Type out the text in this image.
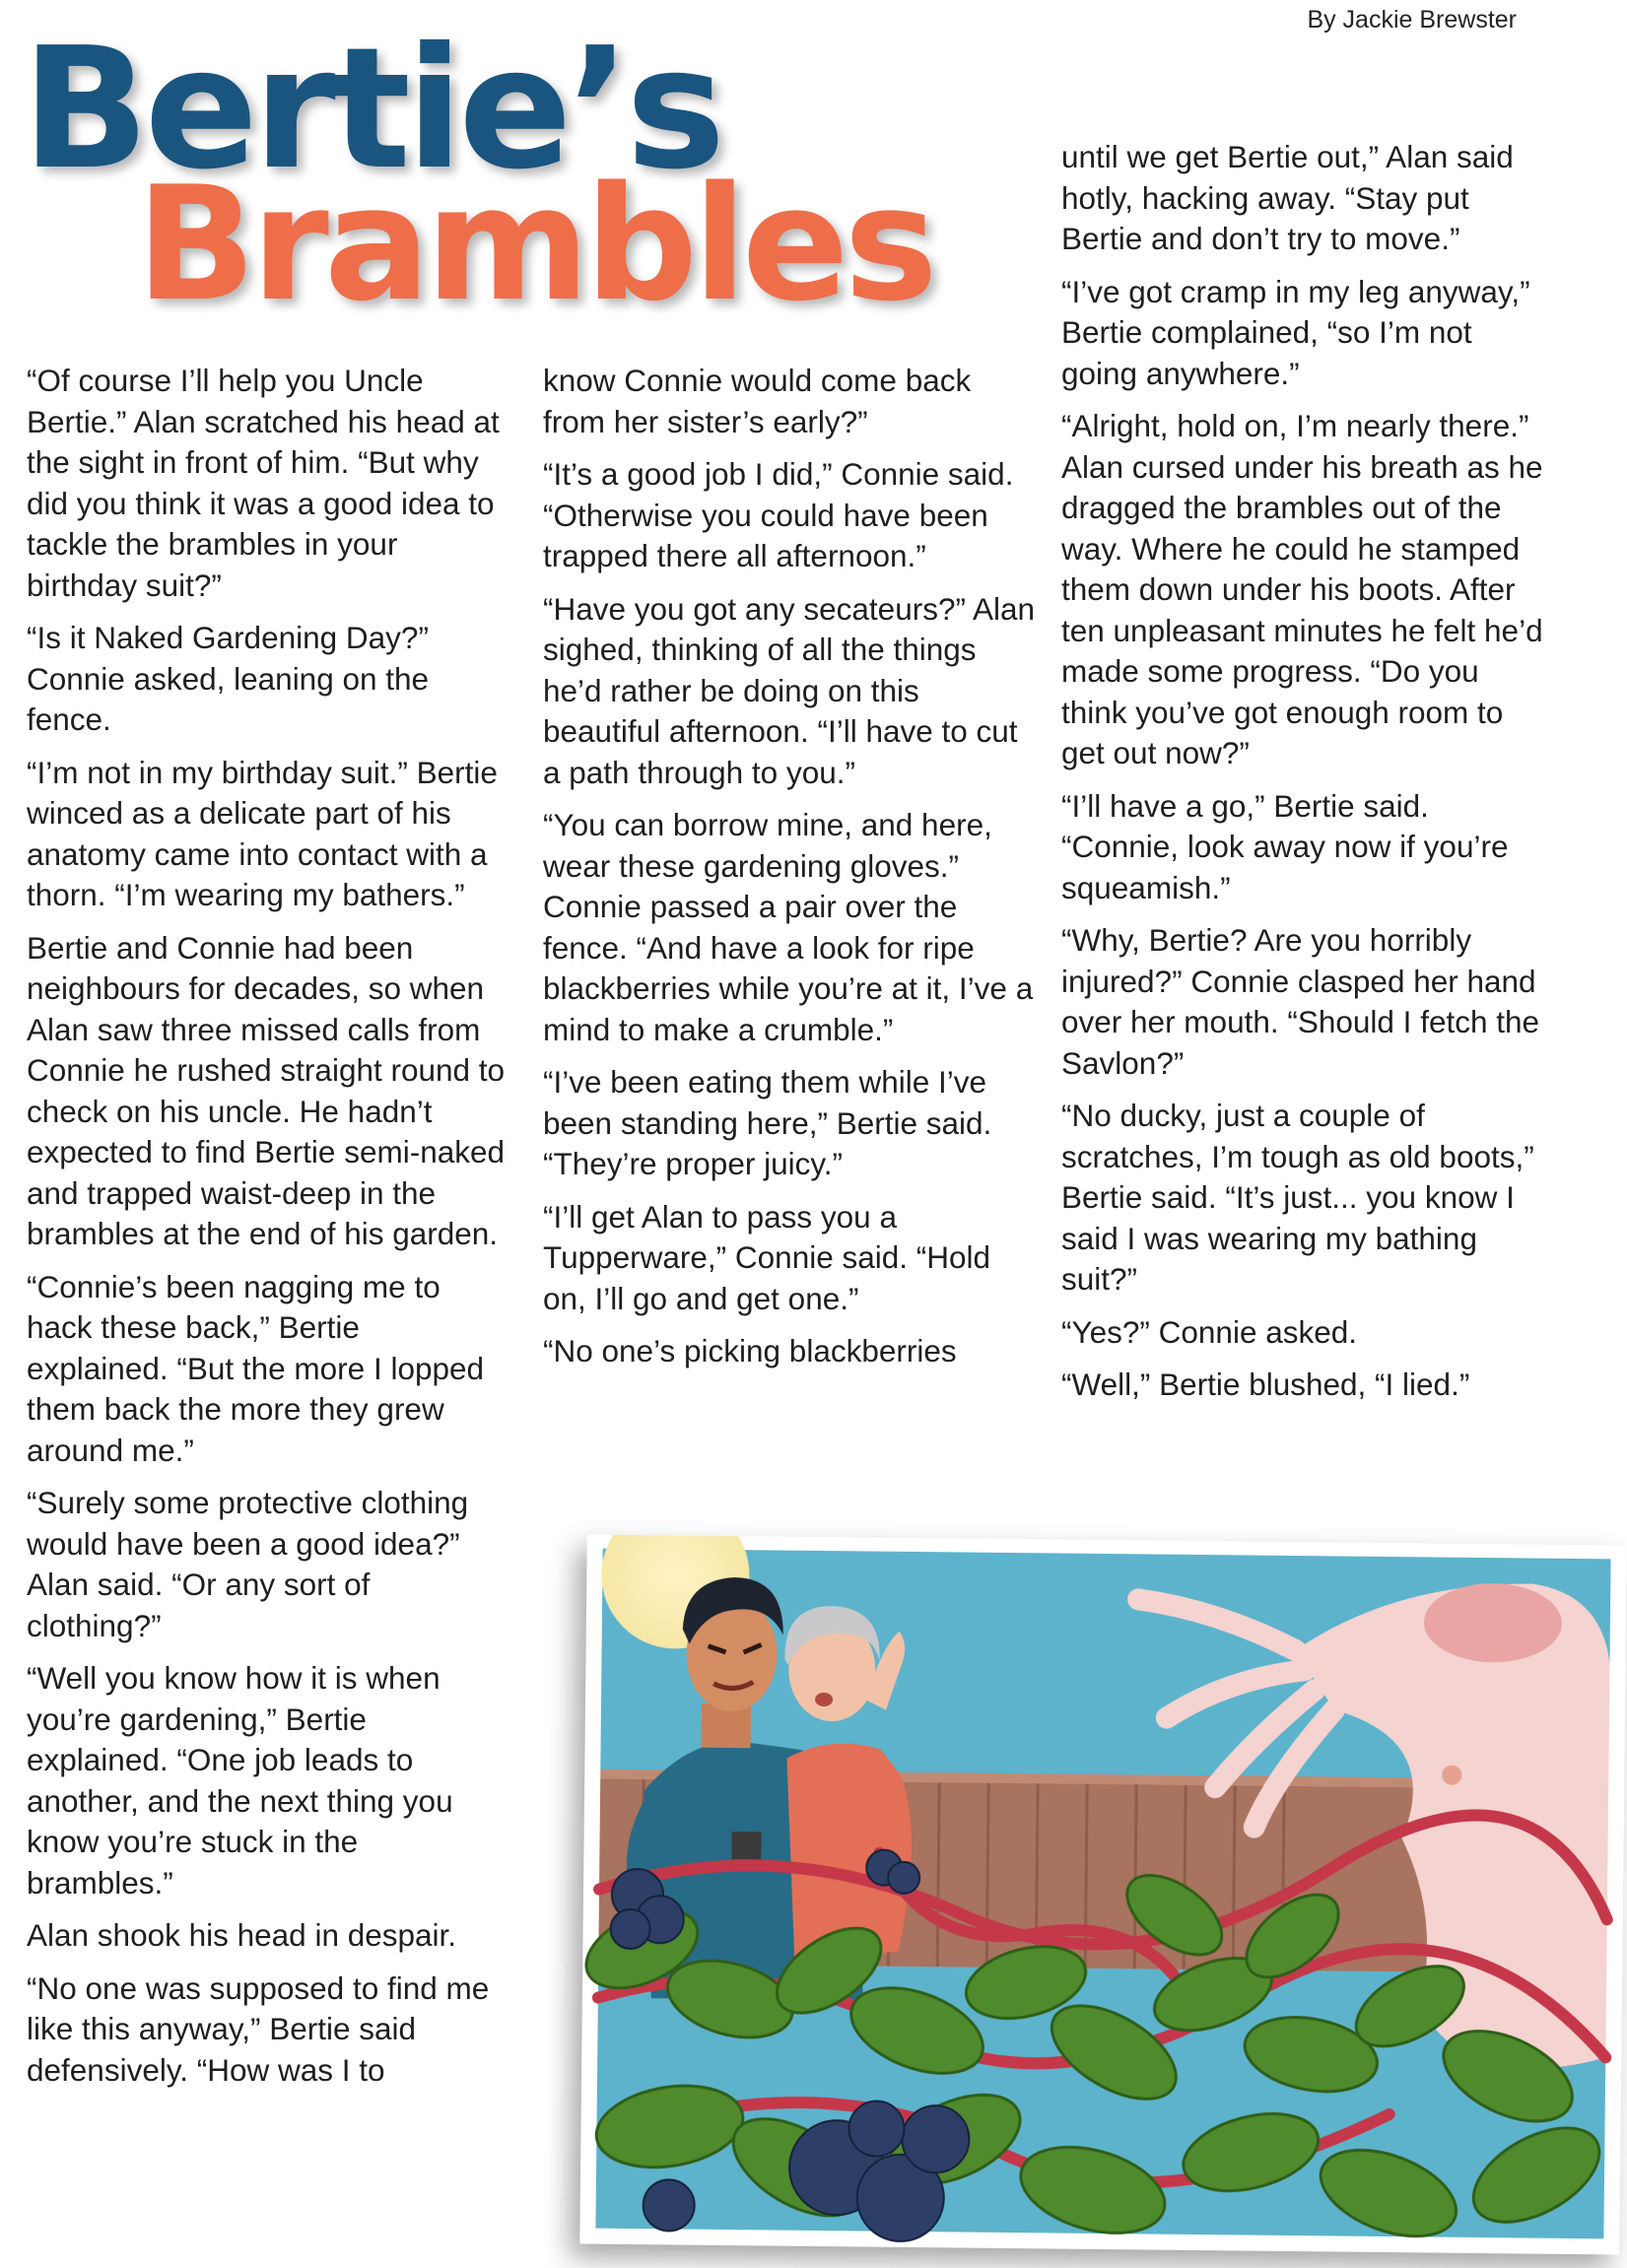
By Jackie Brewster
Bertie’s
Brambles

“Of course I’ll help you Uncle Bertie.” Alan scratched his head at the sight in front of him. “But why did you think it was a good idea to tackle the brambles in your birthday suit?”

“Is it Naked Gardening Day?” Connie asked, leaning on the fence.

“I’m not in my birthday suit.” Bertie winced as a delicate part of his anatomy came into contact with a thorn. “I’m wearing my bathers.”

Bertie and Connie had been neighbours for decades, so when Alan saw three missed calls from Connie he rushed straight round to check on his uncle. He hadn’t expected to find Bertie semi-naked and trapped waist-deep in the brambles at the end of his garden.

“Connie’s been nagging me to hack these back,” Bertie explained. “But the more I lopped them back the more they grew around me.”

“Surely some protective clothing would have been a good idea?” Alan said. “Or any sort of clothing?”

“Well you know how it is when you’re gardening,” Bertie explained. “One job leads to another, and the next thing you know you’re stuck in the brambles.”

Alan shook his head in despair.

“No one was supposed to find me like this anyway,” Bertie said defensively. “How was I to

know Connie would come back from her sister’s early?”

“It’s a good job I did,” Connie said. “Otherwise you could have been trapped there all afternoon.”

“Have you got any secateurs?” Alan sighed, thinking of all the things he’d rather be doing on this beautiful afternoon. “I’ll have to cut a path through to you.”

“You can borrow mine, and here, wear these gardening gloves.” Connie passed a pair over the fence. “And have a look for ripe blackberries while you’re at it, I’ve a mind to make a crumble.”

“I’ve been eating them while I’ve been standing here,” Bertie said. “They’re proper juicy.”

“I’ll get Alan to pass you a Tupperware,” Connie said. “Hold on, I’ll go and get one.”

“No one’s picking blackberries

until we get Bertie out,” Alan said hotly, hacking away. “Stay put Bertie and don’t try to move.”

“I’ve got cramp in my leg anyway,” Bertie complained, “so I’m not going anywhere.”

“Alright, hold on, I’m nearly there.” Alan cursed under his breath as he dragged the brambles out of the way. Where he could he stamped them down under his boots. After ten unpleasant minutes he felt he’d made some progress. “Do you think you’ve got enough room to get out now?”

“I’ll have a go,” Bertie said. “Connie, look away now if you’re squeamish.”

“Why, Bertie? Are you horribly injured?” Connie clasped her hand over her mouth. “Should I fetch the Savlon?”

“No ducky, just a couple of scratches, I’m tough as old boots,” Bertie said. “It’s just... you know I said I was wearing my bathing suit?”

“Yes?” Connie asked.

“Well,” Bertie blushed, “I lied.”
